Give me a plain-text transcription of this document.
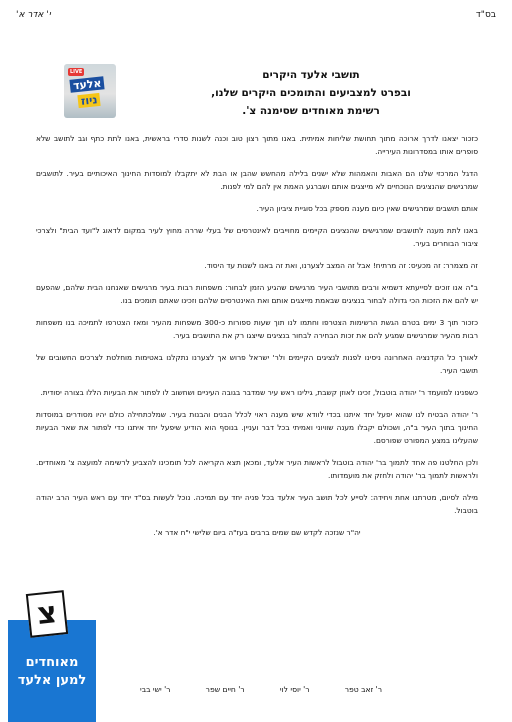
בס"ד
י' אדר א'
LIVE
אלעד
ניוז
תושבי אלעד היקרים
ובפרט למצביעים והתומכים היקרים שלנו,
רשימת מאוחדים שסימנה צ'.

כזכור יצאנו לדרך ארוכה מתוך תחושת שליחות אמיתית. באנו מתוך רצון טוב וכנה לשנות סדרי בראשית, באנו לתת כתף וגב לתושב שלא סופרים אותו במסדרונות העירייה.

הדגל המרכזי שלנו הם האבות והאמהות שלא ישנים בלילה מהחשש שהבן או הבת לא יתקבלו למוסדות החינוך האיכותיים בעיר. לתושבים שמרגישים שהנציגים הנוכחיים לא מייצגים אותם ושברגע האמת אין להם למי לפנות.

אותם תושבים שמרגישים שאין כיום מענה מספק בכל סוגיית ציביון העיר.

באנו לתת מענה לתושבים שמרגישים שהנציגים הקיימים מחוייבים לאינטרסים של בעלי שררה מחוץ לעיר במקום לדאוג ל"ועד הבית" ולצרכי ציבור הבוחרים בעיר.

זה מצמרר: זה מכעיס: זה מרתיח! אבל זה המצב לצערנו, ואת זה באנו לשנות עד היסוד.

ב"ה אנו זוכים לסייעתא דשמיא ורבים מתושבי העיר מרגישים שהגיע הזמן לבחור: משפחות רבות בעיר מרגישים שאנחנו הבית שלהם, שהפעם יש להם את הזכות הכי גדולה לבחור בנציגים שבאמת מייצגים אותם ואת האינטרסים שלהם וזכינו שאתם תומכים בנו.

כזכור תוך 3 ימים בטרם הגשת הרשימות הצטרפו וחתמו לנו תוך שעות ספורות כ-300 משפחות מהעיר ומאז הצטרפו לתמיכה בנו משפחות רבות מהעיר שמרגישים שמגיע להם את זכות הבחירה לבחור בנציגים שייצגו רק את התושבים בעיר.

לאורך כל הקדנציה האחרונה ניסינו לפנות לנציגים הקיימים ולר' ישראל פרוש אך לצערנו נתקלנו באטימות מוחלטת לצרכים החשובים של תושבי העיר.

כשפנינו למועמד ר' יהודה בוטבול, זכינו לאוזן קשבת, גילינו ראש עיר שמדבר בגובה העיניים ושחשוב לו לפתור את הבעיות הללו בצורה יסודית.

ר' יהודה הבטיח לנו שהוא יפעל יחד איתנו בכדי לוודא שיש מענה ראוי לכלל הבנים והבנות בעיר. שמלכתחילה כולם יהיו מסודרים במוסדות החינוך בתוך העיר ב"ה, ושכולם יקבלו מענה שוויוני ואמיתי בכל דבר ועניין. בנוסף הוא הודיע שיפעל יחד איתנו כדי לפתור את שאר הבעיות שהעלינו במצע המפורט שפורסם.

ולכן החלטנו פה אחד לתמוך בר' יהודה בוטבול לראשות העיר אלעד, ומכאן תצא הקריאה לכל תומכינו להצביע לרשימה למועצה צ' מאוחדים. ולראשות לתמוך בר' יהודה ולחזק את מועמדותו.

מילה לסיום, מטרתנו אחת ויחידה: לסייע לכל תושב העיר אלעד בכל פניה יחד עם תמיכה. נוכל לעשות בס"ד יחד עם ראש העיר הרב יהודה בוטבול.

יה"ר שנזכה לקדש שם שמים ברבים בעז"ה ביום שלישי י"ח אדר א'.

ר' זאב טפר
ר' יוסי לוי
ר' חיים שפר
ר' ישי בבי
צ
מאוחדים
למען אלעד
